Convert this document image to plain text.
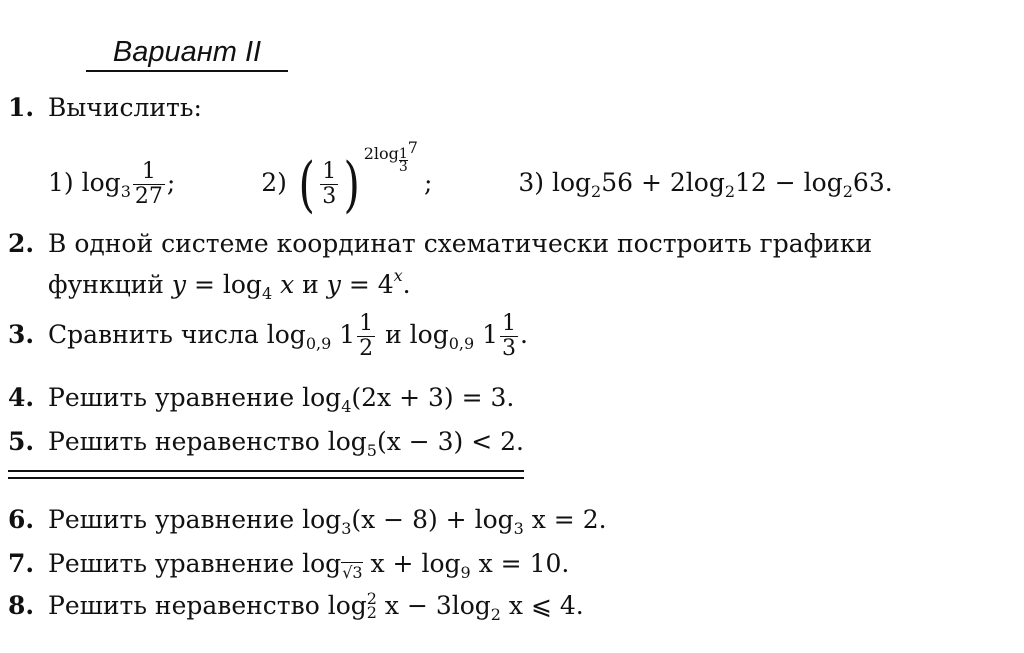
Вариант II
1. Вычислить:
1) $\log_3 \frac{1}{27}$ ;	2) ( $\frac{1}{3}$ ) $2\log \frac{1}{3}$
7;	3) $\log_256 + 2\log_212 - \log_263$.
2. В одной системе координат схематически построить графики
функций $y = \log_4 x$ и $y = 4^x$.
3. Сравнить числа $\log_{0,9} 1 \frac{1}{2}$ и $\log_{0,9} 1 \frac{1}{3}$ .
4. Решить уравнение $\log_4(2x + 3) = 3$.
5. Решить неравенство $\log_5(x - 3) < 2$.
6. Решить уравнение $\log_3(x - 8) + \log_3 x = 2$.
7. Решить уравнение $\log_{√3} x + \log_9 x = 10$.
8. Решить неравенство log 2
2 $x - 3\log_2$ x ⩽ 4.
